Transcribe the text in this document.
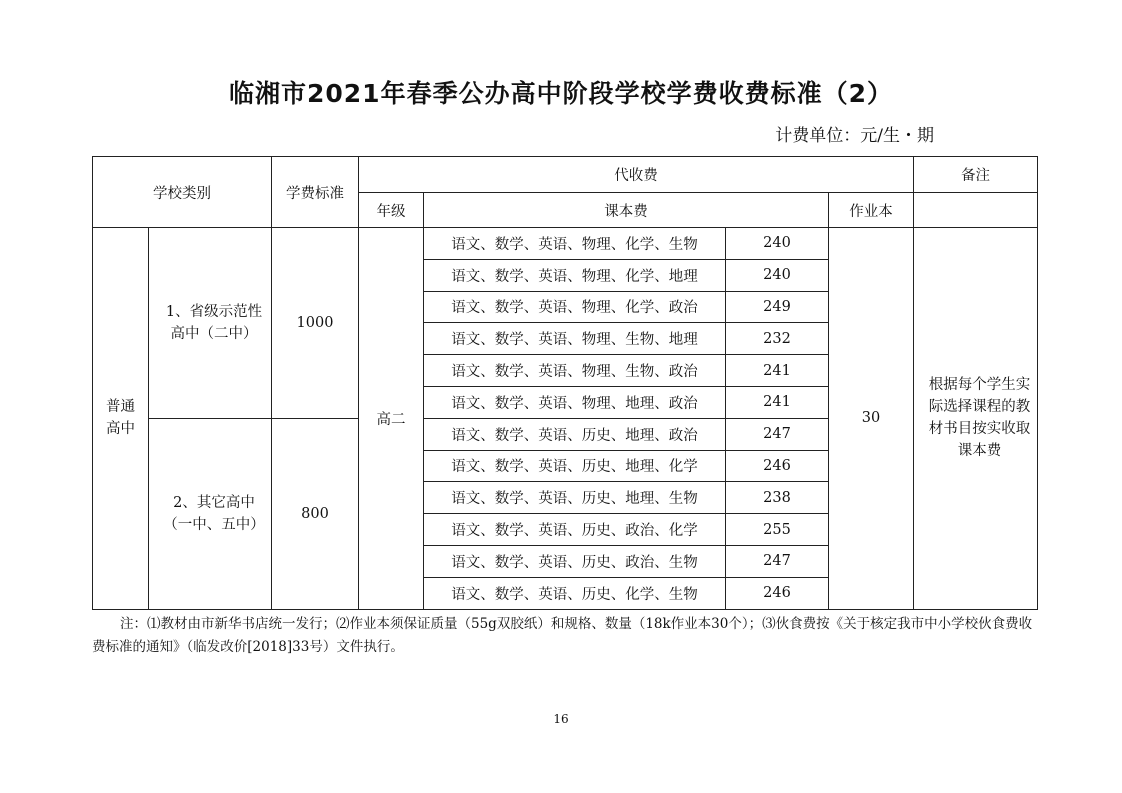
临湘市2021年春季公办高中阶段学校学费收费标准（2）
计费单位：元/生・期
学校类别		学费标准	代收费				备注
			年级	课本费		作业本	
普通高中	1、省级示范性
高中（二中）	1000	高二	语文、数学、英语、物理、化学、生物	240	30	根据每个学生实际选择课程的教材书目按实收取课本费
				语文、数学、英语、物理、化学、地理	240		
				语文、数学、英语、物理、化学、政治	249		
				语文、数学、英语、物理、生物、地理	232		
				语文、数学、英语、物理、生物、政治	241		
				语文、数学、英语、物理、地理、政治	241		

	2、其它高中
（一中、五中）	800		语文、数学、英语、历史、地理、政治	247		
				语文、数学、英语、历史、地理、化学	246		
				语文、数学、英语、历史、地理、生物	238		
				语文、数学、英语、历史、政治、化学	255		
				语文、数学、英语、历史、政治、生物	247		
				语文、数学、英语、历史、化学、生物	246		
注：⑴教材由市新华书店统一发行；⑵作业本须保证质量（55g双胶纸）和规格、数量（18k作业本30个）；⑶伙食费按《关于核定我市中小学校伙食费收费标准的通知》（临发改价[2018]33号）文件执行。
16
